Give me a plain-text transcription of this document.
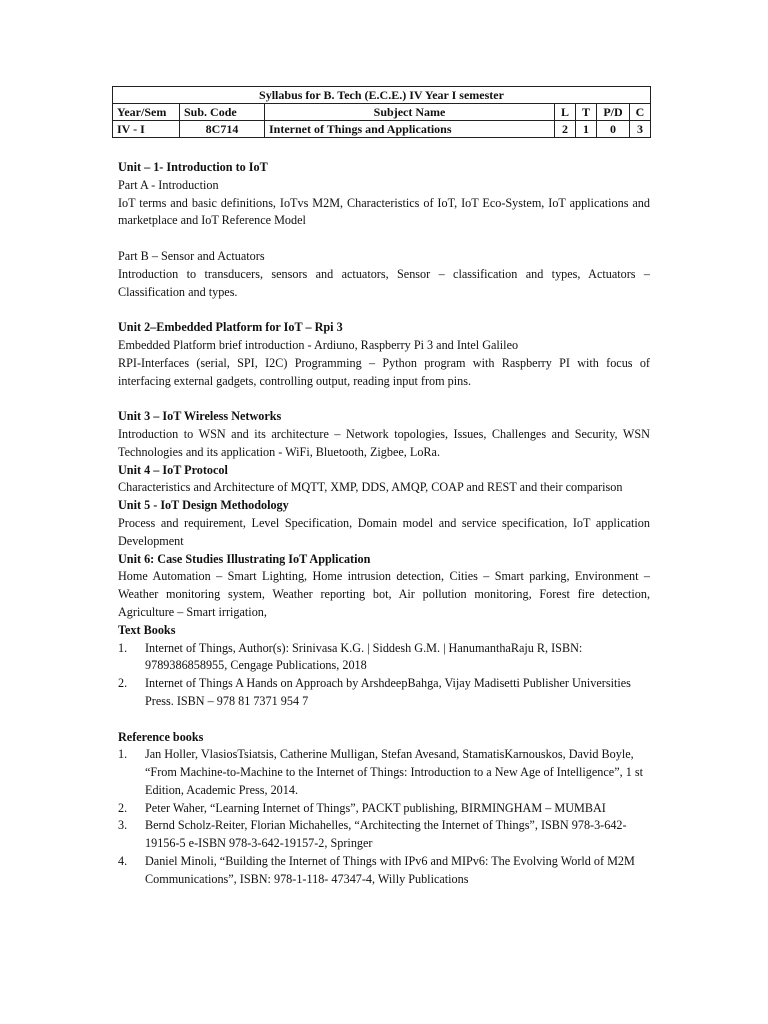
Syllabus for B. Tech (E.C.E.) IV Year I semester						
Year/Sem	Sub. Code	Subject Name	L	T	P/D	C
IV - I	8C714	Internet of Things and Applications	2	1	0	3

Unit – 1- Introduction to IoT

Part A - Introduction

IoT terms and basic definitions, IoTvs M2M, Characteristics of IoT, IoT Eco-System, IoT applications and marketplace and IoT Reference Model

Part B – Sensor and Actuators

Introduction to transducers, sensors and actuators, Sensor – classification and types, Actuators – Classification and types.

Unit 2–Embedded Platform for IoT – Rpi 3

Embedded Platform brief introduction - Ardiuno, Raspberry Pi 3 and Intel Galileo

RPI-Interfaces (serial, SPI, I2C) Programming – Python program with Raspberry PI with focus of interfacing external gadgets, controlling output, reading input from pins.

Unit 3 – IoT Wireless Networks

Introduction to WSN and its architecture – Network topologies, Issues, Challenges and Security, WSN Technologies and its application - WiFi, Bluetooth, Zigbee, LoRa.

Unit 4 – IoT Protocol

Characteristics and Architecture of MQTT, XMP, DDS, AMQP, COAP and REST and their comparison

Unit 5 - IoT Design Methodology

Process and requirement, Level Specification, Domain model and service specification, IoT application Development

Unit 6: Case Studies Illustrating IoT Application

Home Automation – Smart Lighting, Home intrusion detection, Cities – Smart parking, Environment – Weather monitoring system, Weather reporting bot, Air pollution monitoring, Forest fire detection, Agriculture – Smart irrigation,

Text Books

1. Internet of Things, Author(s): Srinivasa K.G. | Siddesh G.M. | HanumanthaRaju R, ISBN: 9789386858955, Cengage Publications, 2018
2. Internet of Things A Hands on Approach by ArshdeepBahga, Vijay Madisetti Publisher Universities Press. ISBN – 978 81 7371 954 7

Reference books

1. Jan Holler, VlasiosTsiatsis, Catherine Mulligan, Stefan Avesand, StamatisKarnouskos, David Boyle, “From Machine-to-Machine to the Internet of Things: Introduction to a New Age of Intelligence”, 1 st Edition, Academic Press, 2014.
2. Peter Waher, “Learning Internet of Things”, PACKT publishing, BIRMINGHAM – MUMBAI
3. Bernd Scholz-Reiter, Florian Michahelles, “Architecting the Internet of Things”, ISBN 978-3-642-19156-5 e-ISBN 978-3-642-19157-2, Springer
4. Daniel Minoli, “Building the Internet of Things with IPv6 and MIPv6: The Evolving World of M2M Communications”, ISBN: 978-1-118- 47347-4, Willy Publications
